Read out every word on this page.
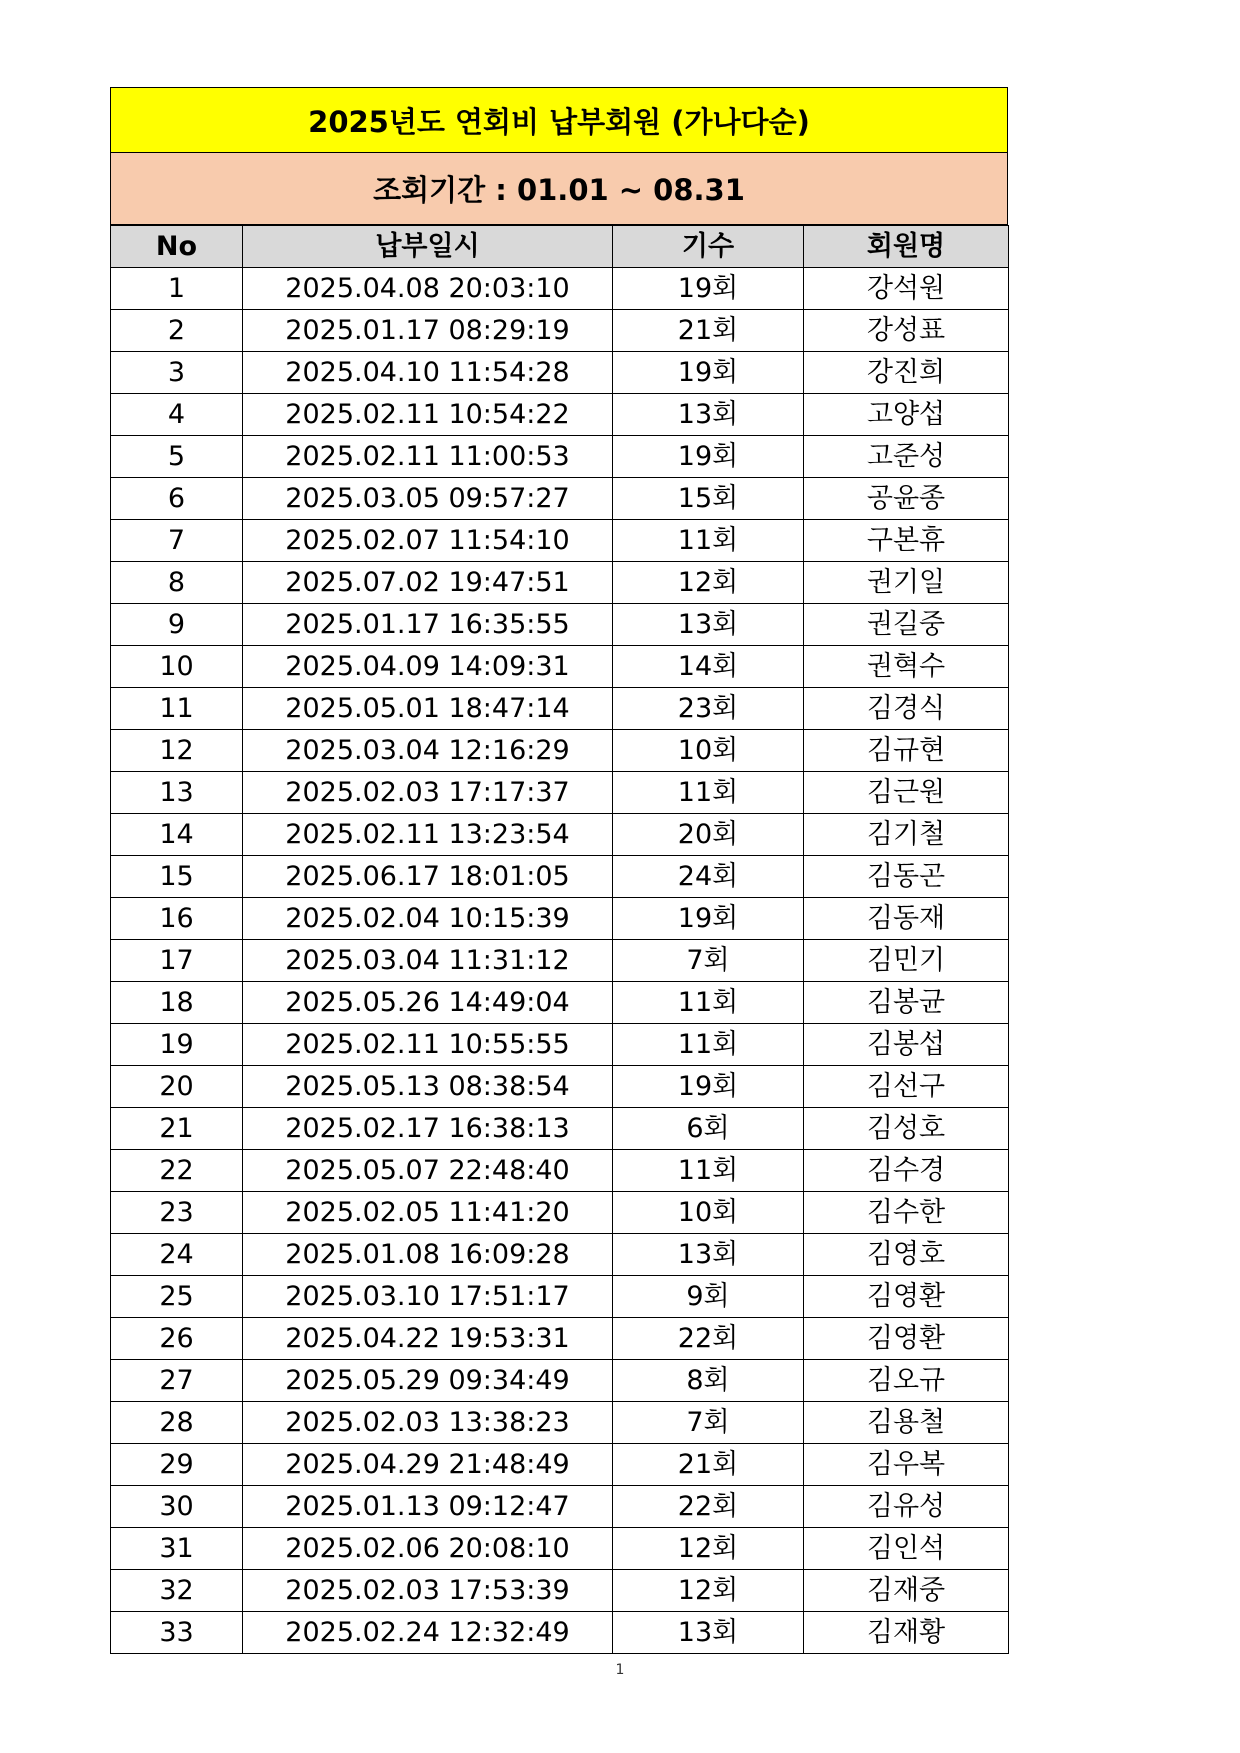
2025년도 연회비 납부회원 (가나다순)
조회기간 : 01.01 ~ 08.31
No	납부일시	기수	회원명
1	2025.04.08 20:03:10	19회	강석원
2	2025.01.17 08:29:19	21회	강성표
3	2025.04.10 11:54:28	19회	강진희
4	2025.02.11 10:54:22	13회	고양섭
5	2025.02.11 11:00:53	19회	고준성
6	2025.03.05 09:57:27	15회	공윤종
7	2025.02.07 11:54:10	11회	구본휴
8	2025.07.02 19:47:51	12회	권기일
9	2025.01.17 16:35:55	13회	권길중
10	2025.04.09 14:09:31	14회	권혁수
11	2025.05.01 18:47:14	23회	김경식
12	2025.03.04 12:16:29	10회	김규현
13	2025.02.03 17:17:37	11회	김근원
14	2025.02.11 13:23:54	20회	김기철
15	2025.06.17 18:01:05	24회	김동곤
16	2025.02.04 10:15:39	19회	김동재
17	2025.03.04 11:31:12	7회	김민기
18	2025.05.26 14:49:04	11회	김봉균
19	2025.02.11 10:55:55	11회	김봉섭
20	2025.05.13 08:38:54	19회	김선구
21	2025.02.17 16:38:13	6회	김성호
22	2025.05.07 22:48:40	11회	김수경
23	2025.02.05 11:41:20	10회	김수한
24	2025.01.08 16:09:28	13회	김영호
25	2025.03.10 17:51:17	9회	김영환
26	2025.04.22 19:53:31	22회	김영환
27	2025.05.29 09:34:49	8회	김오규
28	2025.02.03 13:38:23	7회	김용철
29	2025.04.29 21:48:49	21회	김우복
30	2025.01.13 09:12:47	22회	김유성
31	2025.02.06 20:08:10	12회	김인석
32	2025.02.03 17:53:39	12회	김재중
33	2025.02.24 12:32:49	13회	김재황
1
